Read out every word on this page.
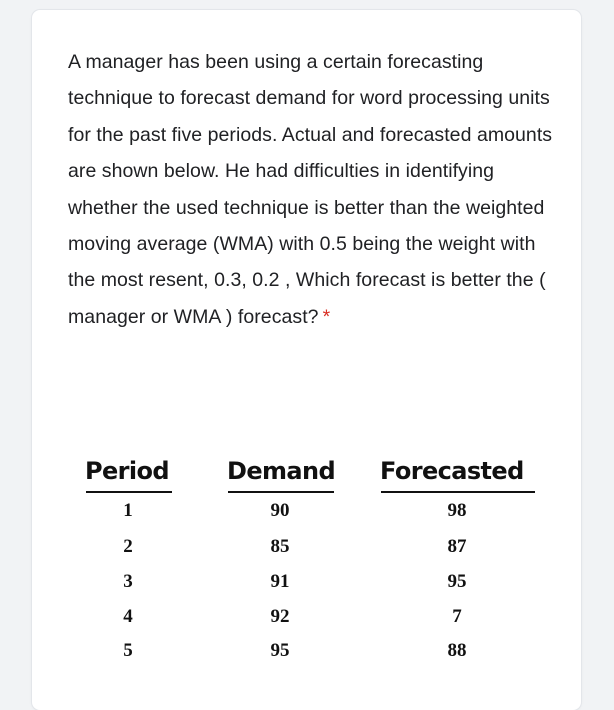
A manager has been using a certain forecasting technique to forecast demand for word processing units for the past five periods. Actual and forecasted amounts are shown below. He had difficulties in identifying whether the used technique is better than the weighted moving average (WMA) with 0.5 being the weight with the most resent, 0.3, 0.2 , Which forecast is better the ( manager or WMA ) forecast? *

Period Demand Forecasted
1	90	98
2	85	87
3	91	95
4	92	7
5	95	88
